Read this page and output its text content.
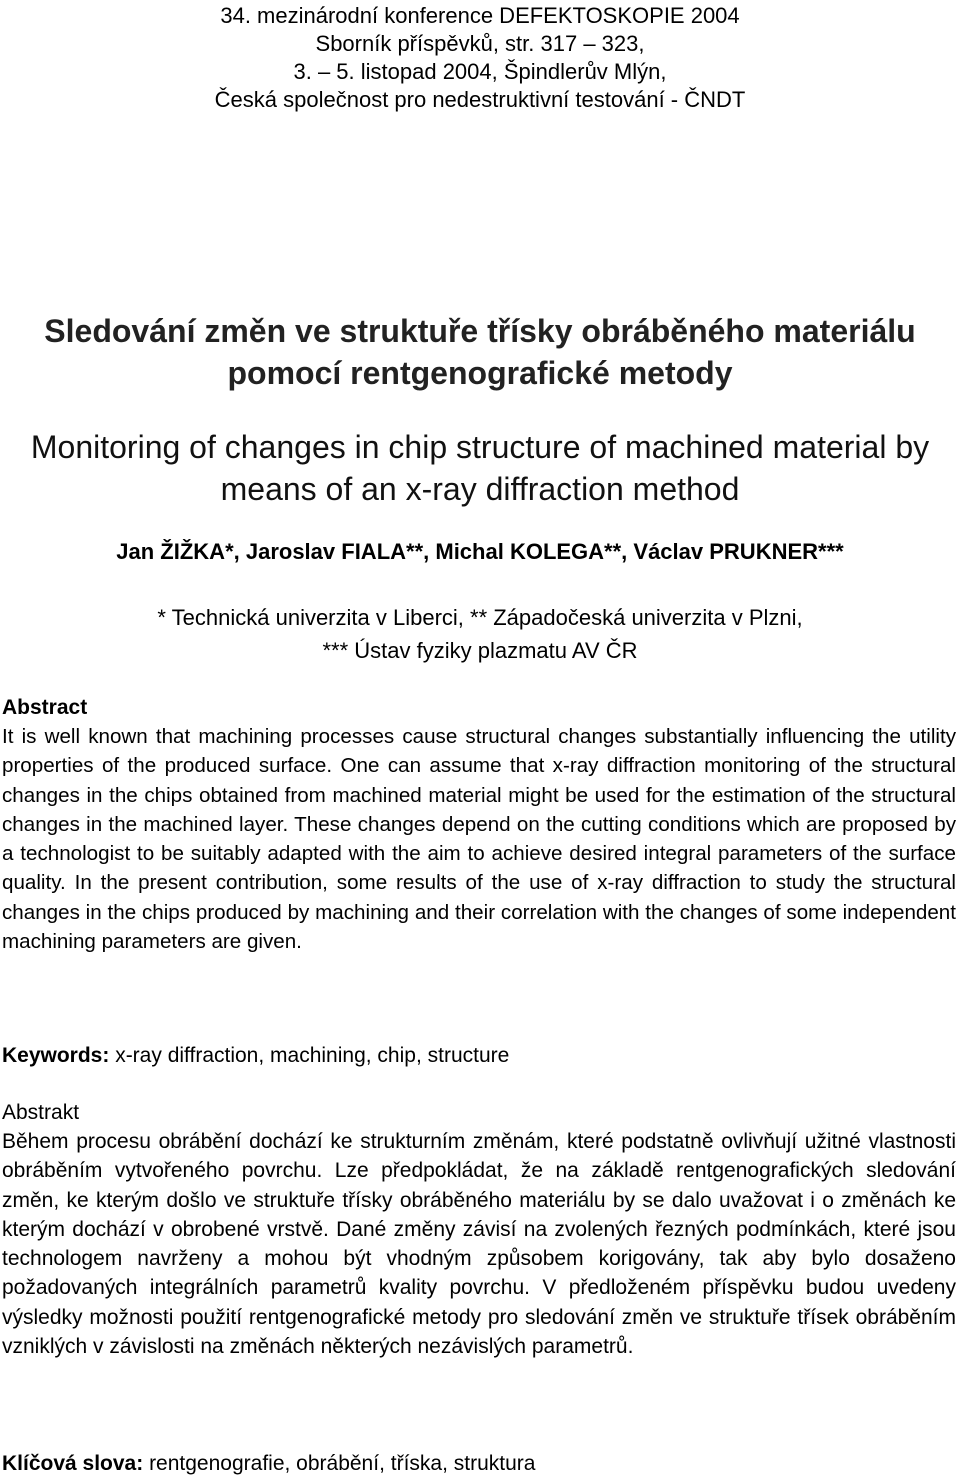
34. mezinárodní konference DEFEKTOSKOPIE 2004
Sborník příspěvků, str. 317 – 323,
3. – 5. listopad 2004, Špindlerův Mlýn,
Česká společnost pro nedestruktivní testování - ČNDT
Sledování změn ve struktuře třísky obráběného materiálu pomocí rentgenografické metody
Monitoring of changes in chip structure of machined material by means of an x-ray diffraction method
Jan ŽIŽKA*, Jaroslav FIALA**, Michal KOLEGA**, Václav PRUKNER***
* Technická univerzita v Liberci, ** Západočeská univerzita v Plzni,
*** Ústav fyziky plazmatu AV ČR
Abstract

It is well known that machining processes cause structural changes substantially influencing the utility properties of the produced surface. One can assume that x-ray diffraction monitoring of the structural changes in the chips obtained from machined material might be used for the estimation of the structural changes in the machined layer. These changes depend on the cutting conditions which are proposed by a technologist to be suitably adapted with the aim to achieve desired integral parameters of the surface quality. In the present contribution, some results of the use of x-ray diffraction to study the structural changes in the chips produced by machining and their correlation with the changes of some independent machining parameters are given.

Keywords: x-ray diffraction, machining, chip, structure
Abstrakt

Během procesu obrábění dochází ke strukturním změnám, které podstatně ovlivňují užitné vlastnosti obráběním vytvořeného povrchu. Lze předpokládat, že na základě rentgenografických sledování změn, ke kterým došlo ve struktuře třísky obráběného materiálu by se dalo uvažovat i o změnách ke kterým dochází v obrobené vrstvě. Dané změny závisí na zvolených řezných podmínkách, které jsou technologem navrženy a mohou být vhodným způsobem korigovány, tak aby bylo dosaženo požadovaných integrálních parametrů kvality povrchu. V předloženém příspěvku budou uvedeny výsledky možnosti použití rentgenografické metody pro sledování změn ve struktuře třísek obráběním vzniklých v závislosti na změnách některých nezávislých parametrů.

Klíčová slova: rentgenografie, obrábění, tříska, struktura
